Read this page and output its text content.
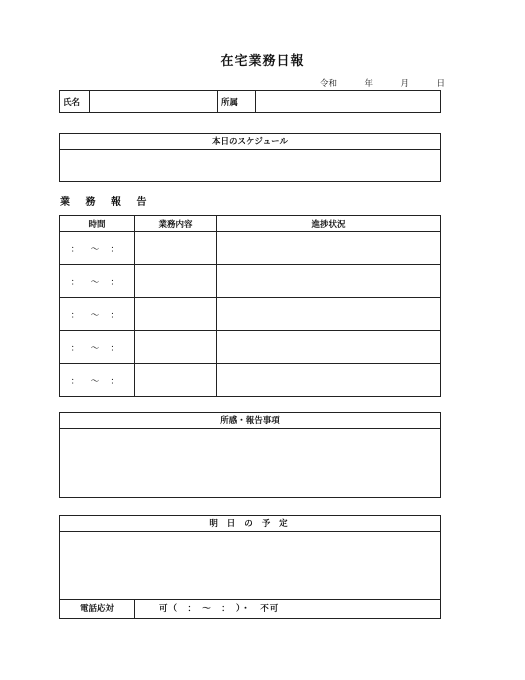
在宅業務日報
令和	年	月	日
氏名		所属	
本日のスケジュール
業 務 報 告
時間	業務内容	進捗状況
： ～ ：		
： ～ ：		
： ～ ：		
： ～ ：		
： ～ ：		
所感・報告事項
明 日 の 予 定
電話応対	可（　：　～　：　）・　不可
